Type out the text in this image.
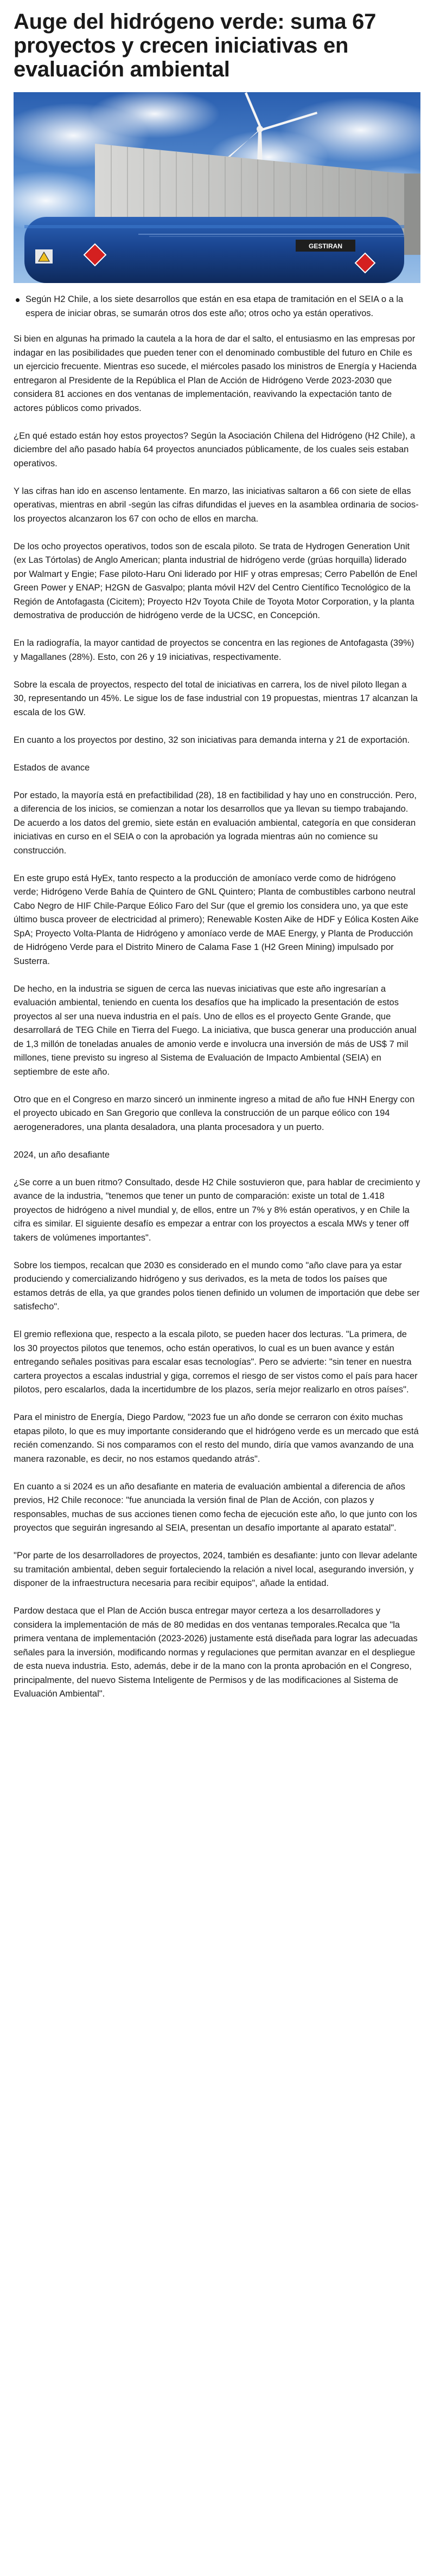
Auge del hidrógeno verde: suma 67 proyectos y crecen iniciativas en evaluación ambiental
GESTIRAN
Según H2 Chile, a los siete desarrollos que están en esa etapa de tramitación en el SEIA o a la espera de iniciar obras, se sumarán otros dos este año; otros ocho ya están operativos.

Si bien en algunas ha primado la cautela a la hora de dar el salto, el entusiasmo en las empresas por indagar en las posibilidades que pueden tener con el denominado combustible del futuro en Chile es un ejercicio frecuente. Mientras eso sucede, el miércoles pasado los ministros de Energía y Hacienda entregaron al Presidente de la República el Plan de Acción de Hidrógeno Verde 2023-2030 que considera 81 acciones en dos ventanas de implementación, reavivando la expectación tanto de actores públicos como privados.

¿En qué estado están hoy estos proyectos? Según la Asociación Chilena del Hidrógeno (H2 Chile), a diciembre del año pasado había 64 proyectos anunciados públicamente, de los cuales seis estaban operativos.

Y las cifras han ido en ascenso lentamente. En marzo, las iniciativas saltaron a 66 con siete de ellas operativas, mientras en abril -según las cifras difundidas el jueves en la asamblea ordinaria de socios- los proyectos alcanzaron los 67 con ocho de ellos en marcha.

De los ocho proyectos operativos, todos son de escala piloto. Se trata de Hydrogen Generation Unit (ex Las Tórtolas) de Anglo American; planta industrial de hidrógeno verde (grúas horquilla) liderado por Walmart y Engie; Fase piloto-Haru Oni liderado por HIF y otras empresas; Cerro Pabellón de Enel Green Power y ENAP; H2GN de Gasvalpo; planta móvil H2V del Centro Científico Tecnológico de la Región de Antofagasta (Cicitem); Proyecto H2v Toyota Chile de Toyota Motor Corporation, y la planta demostrativa de producción de hidrógeno verde de la UCSC, en Concepción.

En la radiografía, la mayor cantidad de proyectos se concentra en las regiones de Antofagasta (39%) y Magallanes (28%). Esto, con 26 y 19 iniciativas, respectivamente.

Sobre la escala de proyectos, respecto del total de iniciativas en carrera, los de nivel piloto llegan a 30, representando un 45%. Le sigue los de fase industrial con 19 propuestas, mientras 17 alcanzan la escala de los GW.

En cuanto a los proyectos por destino, 32 son iniciativas para demanda interna y 21 de exportación.

Estados de avance

Por estado, la mayoría está en prefactibilidad (28), 18 en factibilidad y hay uno en construcción. Pero, a diferencia de los inicios, se comienzan a notar los desarrollos que ya llevan su tiempo trabajando. De acuerdo a los datos del gremio, siete están en evaluación ambiental, categoría en que consideran iniciativas en curso en el SEIA o con la aprobación ya lograda mientras aún no comience su construcción.

En este grupo está HyEx, tanto respecto a la producción de amoníaco verde como de hidrógeno verde; Hidrógeno Verde Bahía de Quintero de GNL Quintero; Planta de combustibles carbono neutral Cabo Negro de HIF Chile-Parque Eólico Faro del Sur (que el gremio los considera uno, ya que este último busca proveer de electricidad al primero); Renewable Kosten Aike de HDF y Eólica Kosten Aike SpA; Proyecto Volta-Planta de Hidrógeno y amoníaco verde de MAE Energy, y Planta de Producción de Hidrógeno Verde para el Distrito Minero de Calama Fase 1 (H2 Green Mining) impulsado por Susterra.

De hecho, en la industria se siguen de cerca las nuevas iniciativas que este año ingresarían a evaluación ambiental, teniendo en cuenta los desafíos que ha implicado la presentación de estos proyectos al ser una nueva industria en el país. Uno de ellos es el proyecto Gente Grande, que desarrollará de TEG Chile en Tierra del Fuego. La iniciativa, que busca generar una producción anual de 1,3 millón de toneladas anuales de amonio verde e involucra una inversión de más de US$ 7 mil millones, tiene previsto su ingreso al Sistema de Evaluación de Impacto Ambiental (SEIA) en septiembre de este año.

Otro que en el Congreso en marzo sinceró un inminente ingreso a mitad de año fue HNH Energy con el proyecto ubicado en San Gregorio que conlleva la construcción de un parque eólico con 194 aerogeneradores, una planta desaladora, una planta procesadora y un puerto.

2024, un año desafiante

¿Se corre a un buen ritmo? Consultado, desde H2 Chile sostuvieron que, para hablar de crecimiento y avance de la industria, "tenemos que tener un punto de comparación: existe un total de 1.418 proyectos de hidrógeno a nivel mundial y, de ellos, entre un 7% y 8% están operativos, y en Chile la cifra es similar. El siguiente desafío es empezar a entrar con los proyectos a escala MWs y tener off takers de volúmenes importantes".

Sobre los tiempos, recalcan que 2030 es considerado en el mundo como "año clave para ya estar produciendo y comercializando hidrógeno y sus derivados, es la meta de todos los países que estamos detrás de ella, ya que grandes polos tienen definido un volumen de importación que debe ser satisfecho".

El gremio reflexiona que, respecto a la escala piloto, se pueden hacer dos lecturas. "La primera, de los 30 proyectos pilotos que tenemos, ocho están operativos, lo cual es un buen avance y están entregando señales positivas para escalar esas tecnologías". Pero se advierte: "sin tener en nuestra cartera proyectos a escalas industrial y giga, corremos el riesgo de ser vistos como el país para hacer pilotos, pero escalarlos, dada la incertidumbre de los plazos, sería mejor realizarlo en otros países".

Para el ministro de Energía, Diego Pardow, "2023 fue un año donde se cerraron con éxito muchas etapas piloto, lo que es muy importante considerando que el hidrógeno verde es un mercado que está recién comenzando. Si nos comparamos con el resto del mundo, diría que vamos avanzando de una manera razonable, es decir, no nos estamos quedando atrás".

En cuanto a si 2024 es un año desafiante en materia de evaluación ambiental a diferencia de años previos, H2 Chile reconoce: "fue anunciada la versión final de Plan de Acción, con plazos y responsables, muchas de sus acciones tienen como fecha de ejecución este año, lo que junto con los proyectos que seguirán ingresando al SEIA, presentan un desafío importante al aparato estatal".

"Por parte de los desarrolladores de proyectos, 2024, también es desafiante: junto con llevar adelante su tramitación ambiental, deben seguir fortaleciendo la relación a nivel local, asegurando inversión, y disponer de la infraestructura necesaria para recibir equipos", añade la entidad.

Pardow destaca que el Plan de Acción busca entregar mayor certeza a los desarrolladores y considera la implementación de más de 80 medidas en dos ventanas temporales.Recalca que "la primera ventana de implementación (2023-2026) justamente está diseñada para lograr las adecuadas señales para la inversión, modificando normas y regulaciones que permitan avanzar en el despliegue de esta nueva industria. Esto, además, debe ir de la mano con la pronta aprobación en el Congreso, principalmente, del nuevo Sistema Inteligente de Permisos y de las modificaciones al Sistema de Evaluación Ambiental".
